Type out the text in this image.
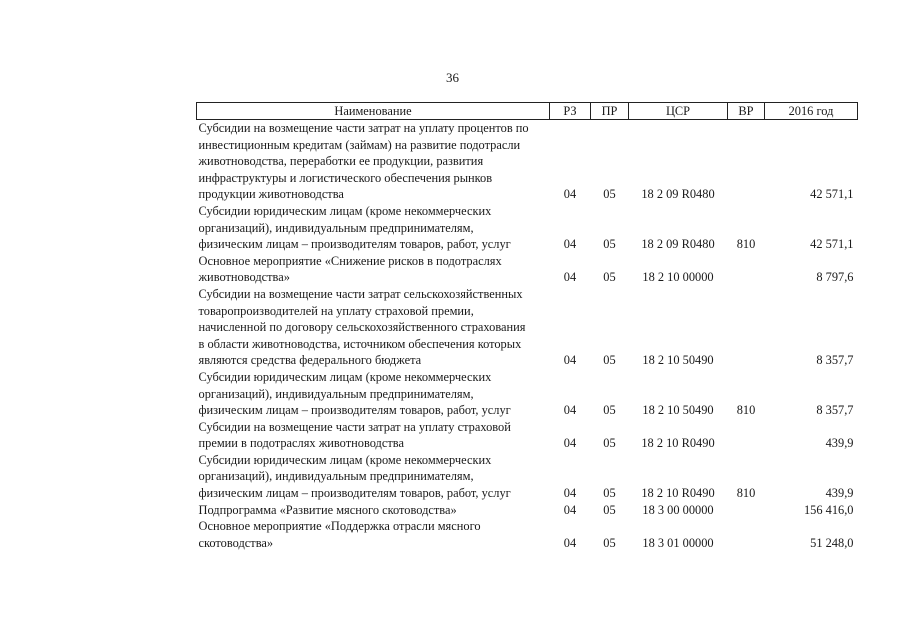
36
Наименование	РЗ	ПР	ЦСР	ВР	2016 год

Субсидии на возмещение части затрат на уплату процентов по
инвестиционным кредитам (займам) на развитие подотрасли
животноводства, переработки ее продукции, развития
инфраструктуры и логистического обеспечения рынков
продукции животноводства	04	05	18 2 09 R0480		42 571,1

Субсидии юридическим лицам (кроме некоммерческих
организаций), индивидуальным предпринимателям,
физическим лицам – производителям товаров, работ, услуг	04	05	18 2 09 R0480	810	42 571,1

Основное мероприятие «Снижение рисков в подотраслях
животноводства»	04	05	18 2 10 00000		8 797,6

Субсидии на возмещение части затрат сельскохозяйственных
товаропроизводителей на уплату страховой премии,
начисленной по договору сельскохозяйственного страхования
в области животноводства, источником обеспечения которых
являются средства федерального бюджета	04	05	18 2 10 50490		8 357,7

Субсидии юридическим лицам (кроме некоммерческих
организаций), индивидуальным предпринимателям,
физическим лицам – производителям товаров, работ, услуг	04	05	18 2 10 50490	810	8 357,7

Субсидии на возмещение части затрат на уплату страховой
премии в подотраслях животноводства	04	05	18 2 10 R0490		439,9

Субсидии юридическим лицам (кроме некоммерческих
организаций), индивидуальным предпринимателям,
физическим лицам – производителям товаров, работ, услуг	04	05	18 2 10 R0490	810	439,9

Подпрограмма «Развитие мясного скотоводства»	04	05	18 3 00 00000		156 416,0

Основное мероприятие «Поддержка отрасли мясного
скотоводства»	04	05	18 3 01 00000		51 248,0
